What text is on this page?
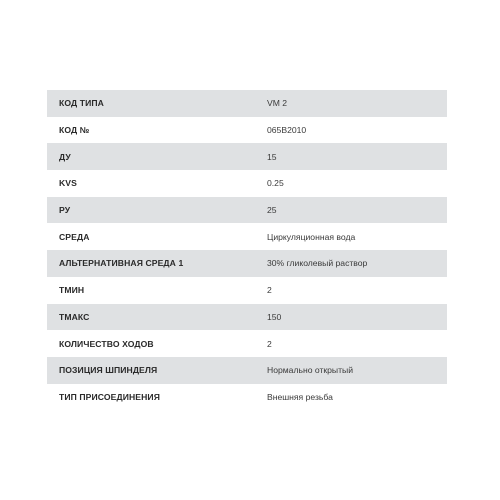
КОД ТИПА	VM 2
КОД №	065B2010
ДУ	15
KVS	0.25
РУ	25
СРЕДА	Циркуляционная вода
АЛЬТЕРНАТИВНАЯ СРЕДА 1	30% гликолевый раствор
ТМИН	2
ТМАКС	150
КОЛИЧЕСТВО ХОДОВ	2
ПОЗИЦИЯ ШПИНДЕЛЯ	Нормально открытый
ТИП ПРИСОЕДИНЕНИЯ	Внешняя резьба
